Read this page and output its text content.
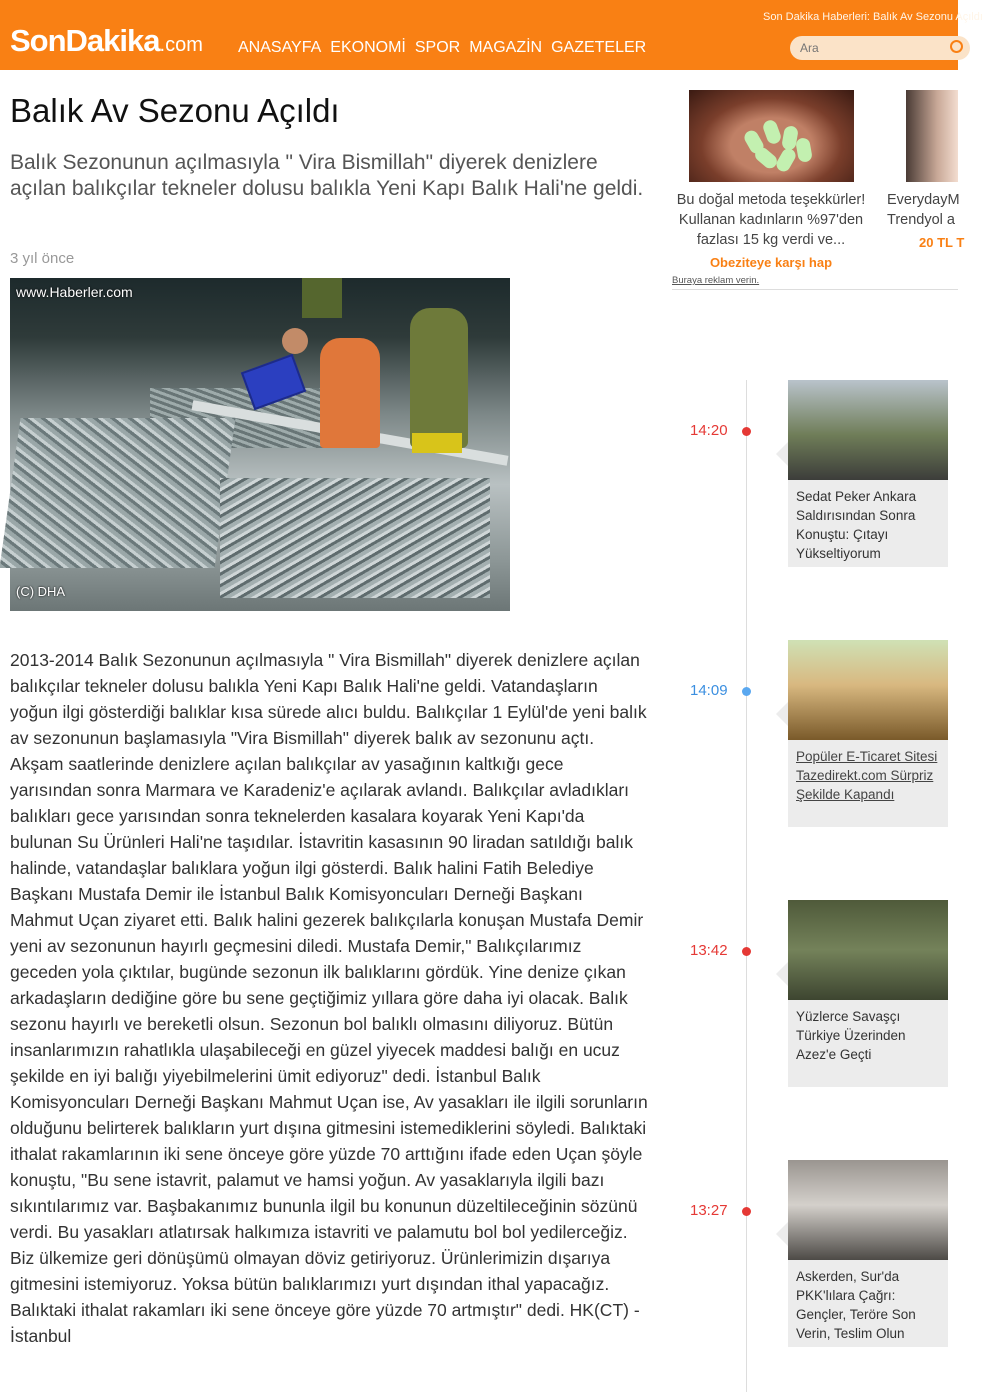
SonDakika.com ANASAYFA EKONOMİ SPOR MAGAZİN GAZETELER
Son Dakika Haberleri: Balık Av Sezonu Açıldı
Ara
Balık Av Sezonu Açıldı

Balık Sezonunun açılmasıyla " Vira Bismillah" diyerek denizlere açılan balıkçılar tekneler dolusu balıkla Yeni Kapı Balık Hali'ne geldi.

3 yıl önce
www.Haberler.com
(C) DHA

2013-2014 Balık Sezonunun açılmasıyla " Vira Bismillah" diyerek denizlere açılan balıkçılar tekneler dolusu balıkla Yeni Kapı Balık Hali'ne geldi. Vatandaşların yoğun ilgi gösterdiği balıklar kısa sürede alıcı buldu. Balıkçılar 1 Eylül'de yeni balık av sezonunun başlamasıyla "Vira Bismillah" diyerek balık av sezonunu açtı. Akşam saatlerinde denizlere açılan balıkçılar av yasağının kaltkığı gece yarısından sonra Marmara ve Karadeniz'e açılarak avlandı. Balıkçılar avladıkları balıkları gece yarısından sonra teknelerden kasalara koyarak Yeni Kapı'da bulunan Su Ürünleri Hali'ne taşıdılar. İstavritin kasasının 90 liradan satıldığı balık halinde, vatandaşlar balıklara yoğun ilgi gösterdi. Balık halini Fatih Belediye Başkanı Mustafa Demir ile İstanbul Balık Komisyoncuları Derneği Başkanı Mahmut Uçan ziyaret etti. Balık halini gezerek balıkçılarla konuşan Mustafa Demir yeni av sezonunun hayırlı geçmesini diledi. Mustafa Demir," Balıkçılarımız geceden yola çıktılar, bugünde sezonun ilk balıklarını gördük. Yine denize çıkan arkadaşların dediğine göre bu sene geçtiğimiz yıllara göre daha iyi olacak. Balık sezonu hayırlı ve bereketli olsun. Sezonun bol balıklı olmasını diliyoruz. Bütün insanlarımızın rahatlıkla ulaşabileceği en güzel yiyecek maddesi balığı en ucuz şekilde en iyi balığı yiyebilmelerini ümit ediyoruz" dedi. İstanbul Balık Komisyoncuları Derneği Başkanı Mahmut Uçan ise, Av yasakları ile ilgili sorunların olduğunu belirterek balıkların yurt dışına gitmesini istemediklerini söyledi. Balıktaki ithalat rakamlarının iki sene önceye göre yüzde 70 arttığını ifade eden Uçan şöyle konuştu, "Bu sene istavrit, palamut ve hamsi yoğun. Av yasaklarıyla ilgili bazı sıkıntılarımız var. Başbakanımız bununla ilgil bu konunun düzeltileceğinin sözünü verdi. Bu yasakları atlatırsak halkımıza istavriti ve palamutu bol bol yedilerceğiz. Biz ülkemize geri dönüşümü olmayan döviz getiriyoruz. Ürünlerimizin dışarıya gitmesini istemiyoruz. Yoksa bütün balıklarımızı yurt dışından ithal yapacağız. Balıktaki ithalat rakamları iki sene önceye göre yüzde 70 artmıştır" dedi. HK(CT) - İstanbul

Bu doğal metoda teşekkürler! Kullanan kadınların %97'den fazlası 15 kg verdi ve...
Obeziteye karşı hap
EverydayM Trendyol a
20 TL T
Buraya reklam verin.
14:20
Sedat Peker Ankara Saldırısından Sonra Konuştu: Çıtayı Yükseltiyorum
14:09
Popüler E-Ticaret Sitesi Tazedirekt.com Sürpriz Şekilde Kapandı
13:42
Yüzlerce Savaşçı Türkiye Üzerinden Azez'e Geçti
13:27
Askerden, Sur'da PKK'lılara Çağrı: Gençler, Teröre Son Verin, Teslim Olun
